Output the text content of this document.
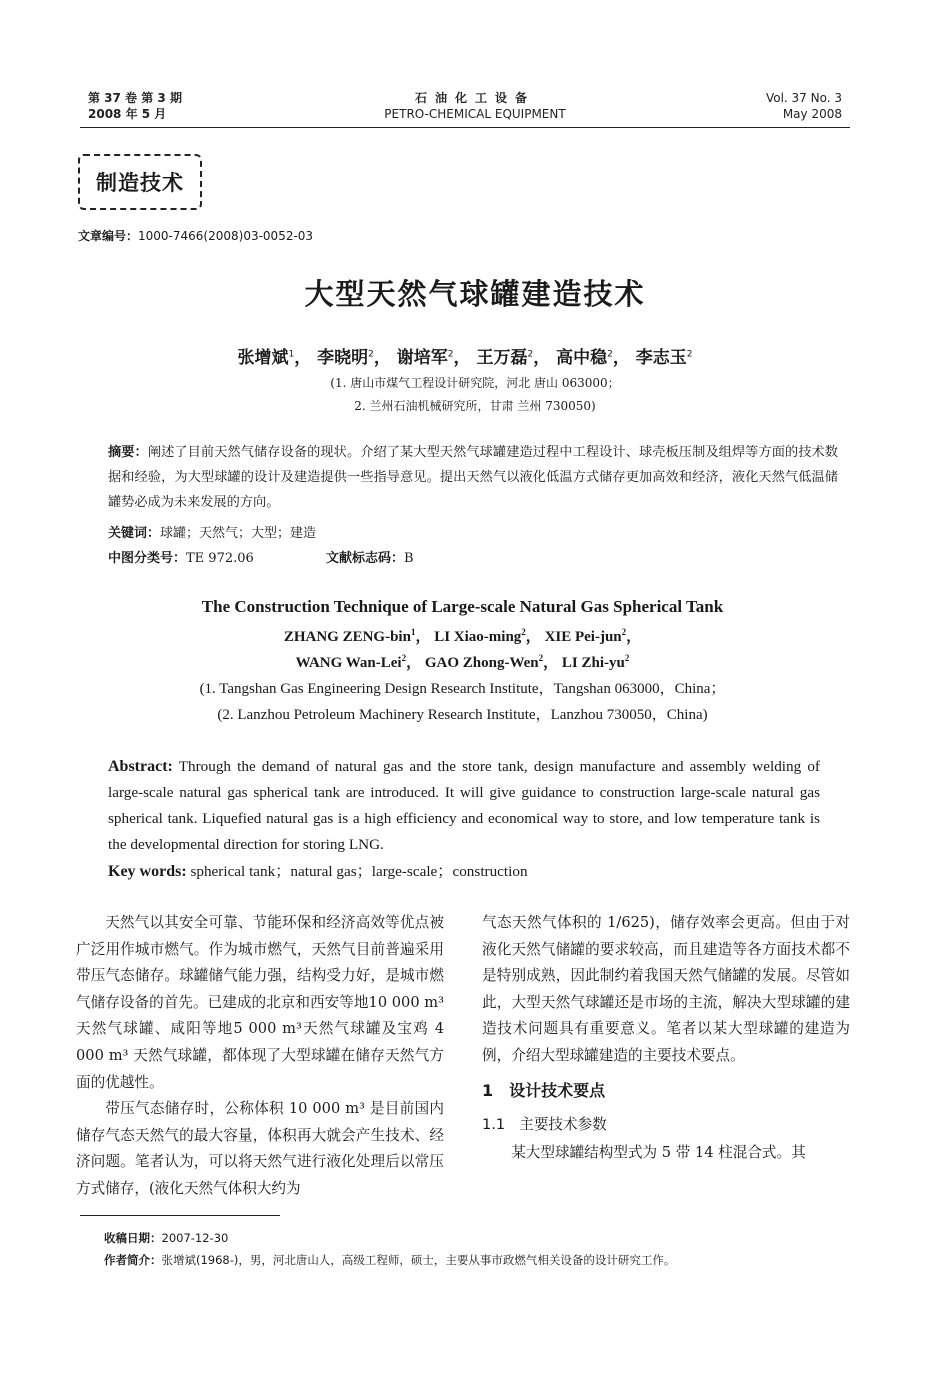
第 37 卷 第 3 期
2008 年 5 月
石油化工设备
PETRO-CHEMICAL EQUIPMENT
Vol. 37 No. 3
May 2008
制造技术
文章编号：1000-7466(2008)03-0052-03
大型天然气球罐建造技术
张增斌$^1$， 李晓明$^2$， 谢培军$^2$， 王万磊$^2$， 高中稳$^2$， 李志玉$^2$
(1. 唐山市煤气工程设计研究院，河北 唐山 063000；
2. 兰州石油机械研究所，甘肃 兰州 730050)
摘要：阐述了目前天然气储存设备的现状。介绍了某大型天然气球罐建造过程中工程设计、球壳板压制及组焊等方面的技术数据和经验，为大型球罐的设计及建造提供一些指导意见。提出天然气以液化低温方式储存更加高效和经济，液化天然气低温储罐势必成为未来发展的方向。
关键词：球罐；天然气；大型；建造
中图分类号：TE 972.06	文献标志码：B
The Construction Technique of Large-scale Natural Gas Spherical Tank
ZHANG ZENG-bin$^1$， LI Xiao-ming$^2$， XIE Pei-jun$^2$，
WANG Wan-Lei$^2$， GAO Zhong-Wen$^2$， LI Zhi-$yu^2$
(1. Tangshan Gas Engineering Design Research Institute，Tangshan 063000，China；
(2. Lanzhou Petroleum Machinery Research Institute，Lanzhou 730050，China)
Abstract: Through the demand of natural gas and the store tank, design manufacture and assembly welding of large-scale natural gas spherical tank are introduced. It will give guidance to construction large-scale natural gas spherical tank. Liquefied natural gas is a high efficiency and economical way to store, and low temperature tank is the developmental direction for storing LNG.
Key words: spherical tank；natural gas；large-scale；construction

天然气以其安全可靠、节能环保和经济高效等优点被广泛用作城市燃气。作为城市燃气，天然气目前普遍采用带压气态储存。球罐储气能力强，结构受力好，是城市燃气储存设备的首先。已建成的北京和西安等地10 000 m³天然气球罐、咸阳等地5 000 m³天然气球罐及宝鸡 4 000 m³ 天然气球罐，都体现了大型球罐在储存天然气方面的优越性。

带压气态储存时，公称体积 10 000 m³ 是目前国内储存气态天然气的最大容量，体积再大就会产生技术、经济问题。笔者认为，可以将天然气进行液化处理后以常压方式储存，(液化天然气体积大约为

气态天然气体积的 1/625)，储存效率会更高。但由于对液化天然气储罐的要求较高，而且建造等各方面技术都不是特别成熟，因此制约着我国天然气储罐的发展。尽管如此，大型天然气球罐还是市场的主流，解决大型球罐的建造技术问题具有重要意义。笔者以某大型球罐的建造为例，介绍大型球罐建造的主要技术要点。

1 设计技术要点
1.1 主要技术参数

某大型球罐结构型式为 5 带 14 柱混合式。其

收稿日期：2007-12-30
作者简介：张增斌(1968-)，男，河北唐山人，高级工程师，硕士，主要从事市政燃气相关设备的设计研究工作。
